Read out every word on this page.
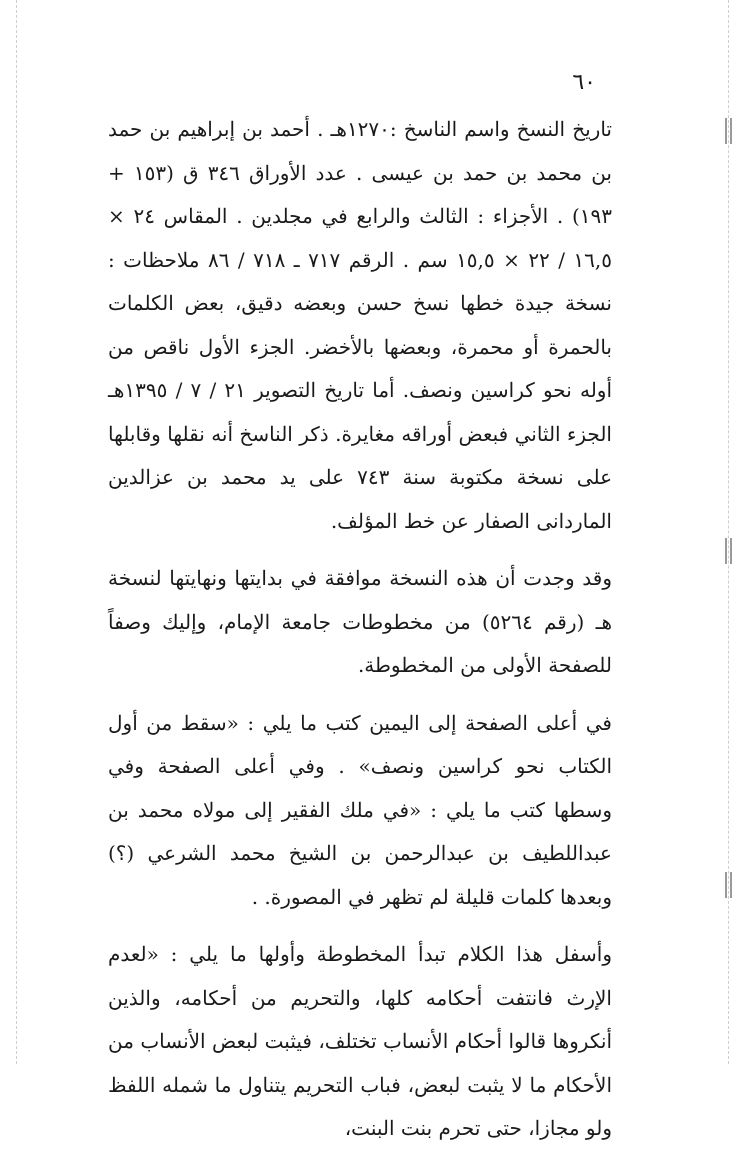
٦٠

تاريخ النسخ واسم الناسخ :١٢٧٠هـ . أحمد بن إبراهيم بن حمد بن محمد بن حمد بن عيسى . عدد الأوراق ٣٤٦ ق (١٥٣ + ١٩٣) . الأجزاء : الثالث والرابع في مجلدين . المقاس ٢٤ × ١٦,٥ / ٢٢ × ١٥,٥ سم . الرقم ٧١٧ ـ ٧١٨ / ٨٦ ملاحظات : نسخة جيدة خطها نسخ حسن وبعضه دقيق، بعض الكلمات بالحمرة أو محمرة، وبعضها بالأخضر. الجزء الأول ناقص من أوله نحو كراسين ونصف. أما تاريخ التصوير ٢١ / ٧ / ١٣٩٥هـ الجزء الثاني فبعض أوراقه مغايرة. ذكر الناسخ أنه نقلها وقابلها على نسخة مكتوبة سنة ٧٤٣ على يد محمد بن عزالدين الماردانى الصفار عن خط المؤلف.

وقد وجدت أن هذه النسخة موافقة في بدايتها ونهايتها لنسخة هـ (رقم ٥٢٦٤) من مخطوطات جامعة الإمام، وإليك وصفاً للصفحة الأولى من المخطوطة.

في أعلى الصفحة إلى اليمين كتب ما يلي : «سقط من أول الكتاب نحو كراسين ونصف» . وفي أعلى الصفحة وفي وسطها كتب ما يلي : «في ملك الفقير إلى مولاه محمد بن عبداللطيف بن عبدالرحمن بن الشيخ محمد الشرعي (؟) وبعدها كلمات قليلة لم تظهر في المصورة. .

وأسفل هذا الكلام تبدأ المخطوطة وأولها ما يلي : «لعدم الإرث فانتفت أحكامه كلها، والتحريم من أحكامه، والذين أنكروها قالوا أحكام الأنساب تختلف، فيثبت لبعض الأنساب من الأحكام ما لا يثبت لبعض، فباب التحريم يتناول ما شمله اللفظ ولو مجازا، حتى تحرم بنت البنت،
